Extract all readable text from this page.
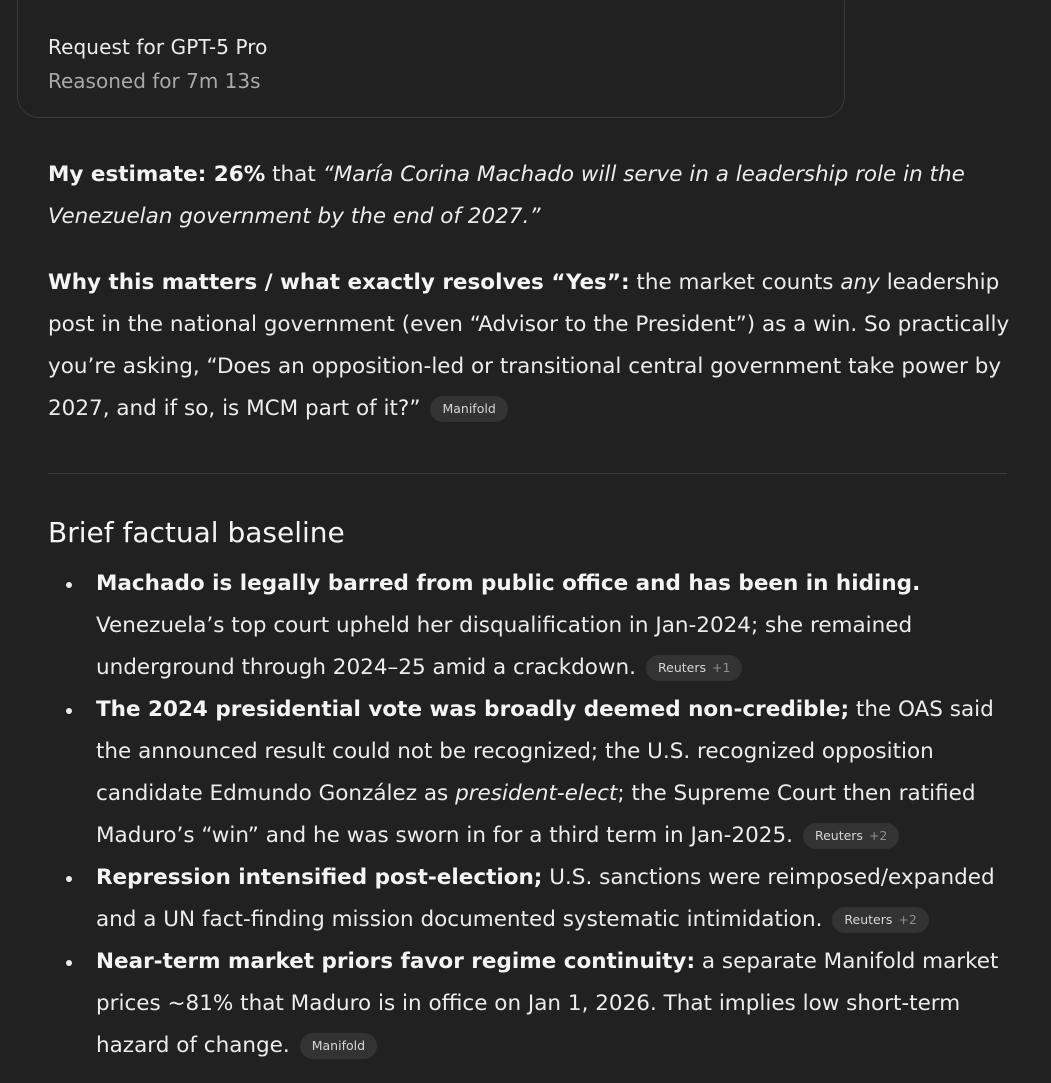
Request for GPT-5 Pro
Reasoned for 7m 13s
My estimate: 26% that “María Corina Machado will serve in a leadership role in the Venezuelan government by the end of 2027.”
Why this matters / what exactly resolves “Yes”: the market counts any leadership post in the national government (even “Advisor to the President”) as a win. So practically you’re asking, “Does an opposition-led or transitional central government take power by 2027, and if so, is MCM part of it?” Manifold
Brief factual baseline
Machado is legally barred from public office and has been in hiding. Venezuela’s top court upheld her disqualification in Jan-2024; she remained underground through 2024–25 amid a crackdown. Reuters +1
The 2024 presidential vote was broadly deemed non-credible; the OAS said the announced result could not be recognized; the U.S. recognized opposition candidate Edmundo González as president-elect; the Supreme Court then ratified Maduro’s “win” and he was sworn in for a third term in Jan-2025. Reuters +2
Repression intensified post-election; U.S. sanctions were reimposed/expanded and a UN fact-finding mission documented systematic intimidation. Reuters +2
Near-term market priors favor regime continuity: a separate Manifold market prices ~81% that Maduro is in office on Jan 1, 2026. That implies low short-term hazard of change. Manifold
